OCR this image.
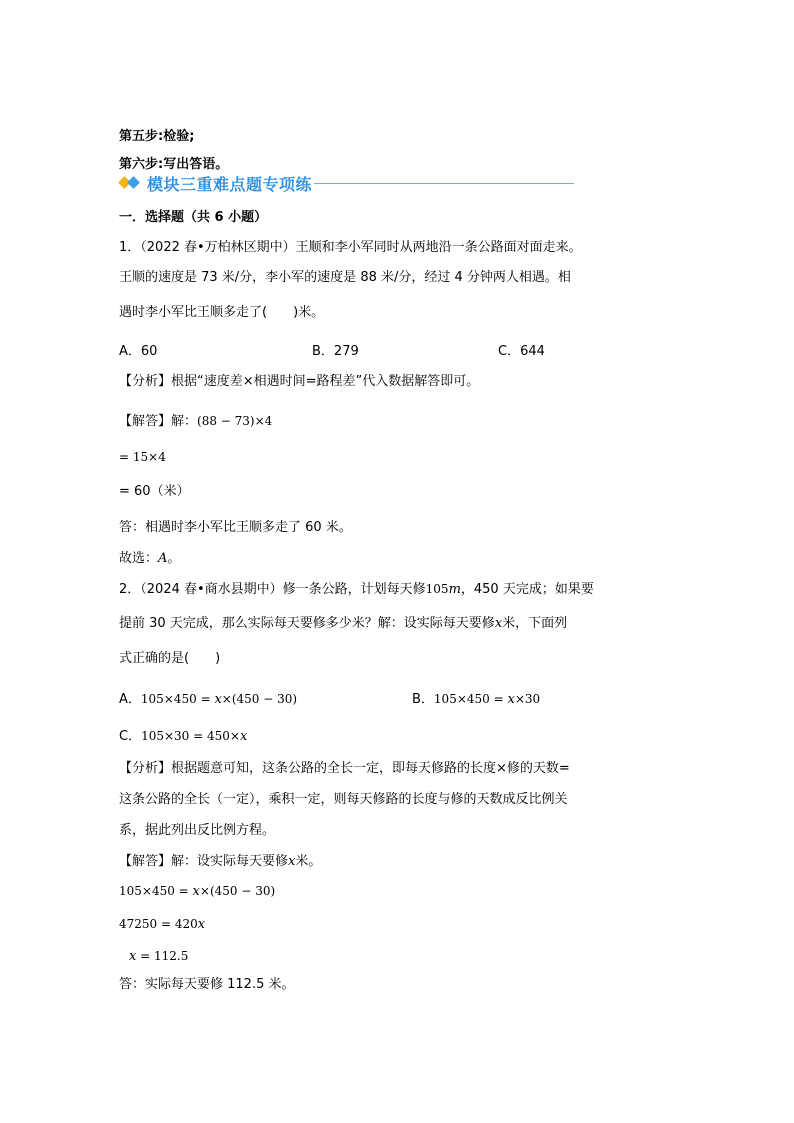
第五步:检验;
第六步:写出答语。
模块三重难点题专项练
一．选择题（共 6 小题）
1．（2022 春•万柏林区期中）王顺和李小军同时从两地沿一条公路面对面走来。
王顺的速度是 73 米/分，李小军的速度是 88 米/分，经过 4 分钟两人相遇。相
遇时李小军比王顺多走了(　　)米。
A．60	B．279	C．644
【分析】根据“速度差×相遇时间=路程差”代入数据解答即可。
【解答】解：(88 − 73)×4
= 15×4
= 60（米）
答：相遇时李小军比王顺多走了 60 米。
故选：A。
2．（2024 春•商水县期中）修一条公路，计划每天修105m，450 天完成；如果要
提前 30 天完成，那么实际每天要修多少米？解：设实际每天要修x米，下面列
式正确的是(　　)
A．105×450 = x×(450 − 30)	B．105×450 = x×30
C．105×30 = 450×x
【分析】根据题意可知，这条公路的全长一定，即每天修路的长度×修的天数=
这条公路的全长（一定），乘积一定，则每天修路的长度与修的天数成反比例关
系，据此列出反比例方程。
【解答】解：设实际每天要修x米。
105×450 = x×(450 − 30)
47250 = 420x
x = 112.5
答：实际每天要修 112.5 米。
